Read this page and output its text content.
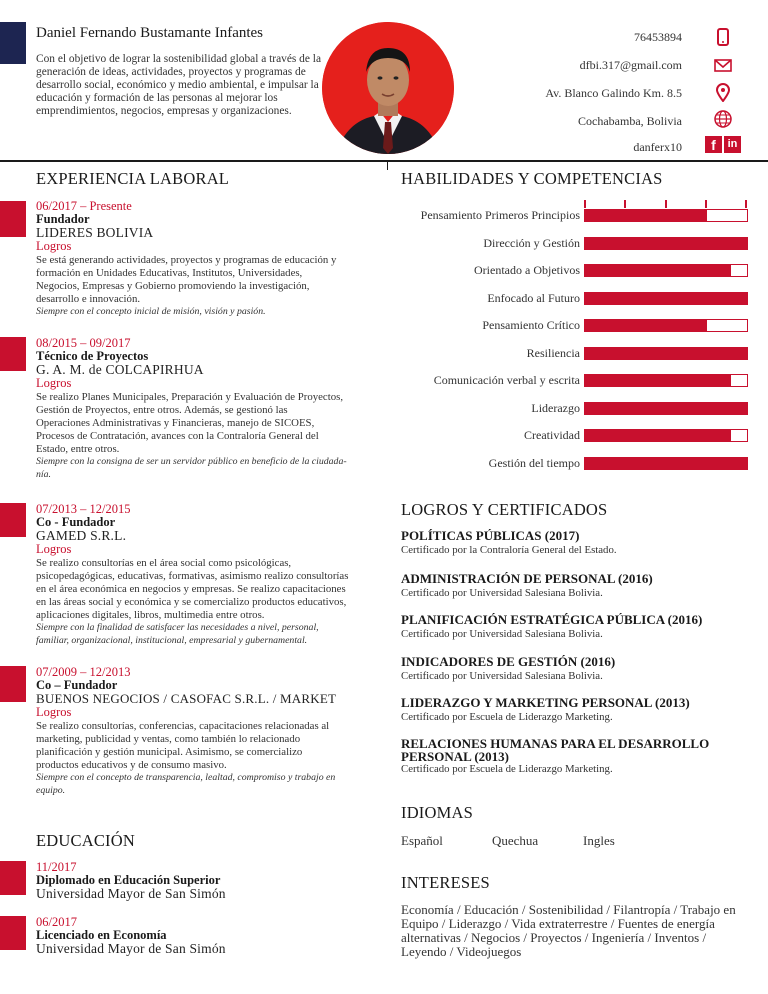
Daniel Fernando Bustamante Infantes
Con el objetivo de lograr la sostenibilidad global a través de la generación de ideas, actividades, proyectos y programas de desarrollo social, económico y medio ambiental, e impulsar la educación y formación de las personas al mejorar los emprendimientos, negocios, empresas y organizaciones.
76453894
dfbi.317@gmail.com
Av. Blanco Galindo Km. 8.5
Cochabamba, Bolivia
danferx10	f	in
EXPERIENCIA LABORAL
06/2017 – Presente
Fundador
LIDERES BOLIVIA
Logros
Se está generando actividades, proyectos y programas de educación y
formación en Unidades Educativas, Institutos, Universidades,
Negocios, Empresas y Gobierno promoviendo la investigación,
desarrollo e innovación.
Siempre con el concepto inicial de misión, visión y pasión.
08/2015 – 09/2017
Técnico de Proyectos
G. A. M. de COLCAPIRHUA
Logros
Se realizo Planes Municipales, Preparación y Evaluación de Proyectos,
Gestión de Proyectos, entre otros. Además, se gestionó las
Operaciones Administrativas y Financieras, manejo de SICOES,
Procesos de Contratación, avances con la Contraloría General del
Estado, entre otros.
Siempre con la consigna de ser un servidor público en beneficio de la ciudada-
nía.
07/2013 – 12/2015
Co - Fundador
GAMED S.R.L.
Logros
Se realizo consultorías en el área social como psicológicas,
psicopedagógicas, educativas, formativas, asimismo realizo consultorías
en el área económica en negocios y empresas. Se realizo capacitaciones
en las áreas social y económica y se comercializo productos educativos,
aplicaciones digitales, libros, multimedia entre otros.
Siempre con la finalidad de satisfacer las necesidades a nivel, personal,
familiar, organizacional, institucional, empresarial y gubernamental.
07/2009 – 12/2013
Co – Fundador
BUENOS NEGOCIOS / CASOFAC S.R.L. / MARKET
Logros
Se realizo consultorías, conferencias, capacitaciones relacionadas al
marketing, publicidad y ventas, como también lo relacionado
planificación y gestión municipal. Asimismo, se comercializo
productos educativos y de consumo masivo.
Siempre con el concepto de transparencia, lealtad, compromiso y trabajo en
equipo.
EDUCACIÓN
11/2017
Diplomado en Educación Superior
Universidad Mayor de San Simón
06/2017
Licenciado en Economía
Universidad Mayor de San Simón
HABILIDADES Y COMPETENCIAS
Pensamiento Primeros Principios
Dirección y Gestión
Orientado a Objetivos
Enfocado al Futuro
Pensamiento Crítico
Resiliencia
Comunicación verbal y escrita
Liderazgo
Creatividad
Gestión del tiempo
LOGROS Y CERTIFICADOS
POLÍTICAS PÚBLICAS (2017)
Certificado por la Contraloría General del Estado.
ADMINISTRACIÓN DE PERSONAL (2016)
Certificado por Universidad Salesiana Bolivia.
PLANIFICACIÓN ESTRATÉGICA PÚBLICA (2016)
Certificado por Universidad Salesiana Bolivia.
INDICADORES DE GESTIÓN (2016)
Certificado por Universidad Salesiana Bolivia.
LIDERAZGO Y MARKETING PERSONAL (2013)
Certificado por Escuela de Liderazgo Marketing.
RELACIONES HUMANAS PARA EL DESARROLLO PERSONAL (2013)
Certificado por Escuela de Liderazgo Marketing.
IDIOMAS
Español	Quechua	Ingles
INTERESES
Economía / Educación / Sostenibilidad / Filantropía / Trabajo en Equipo / Liderazgo / Vida extraterrestre / Fuentes de energía alternativas / Negocios / Proyectos / Ingeniería / Inventos / Leyendo / Videojuegos
